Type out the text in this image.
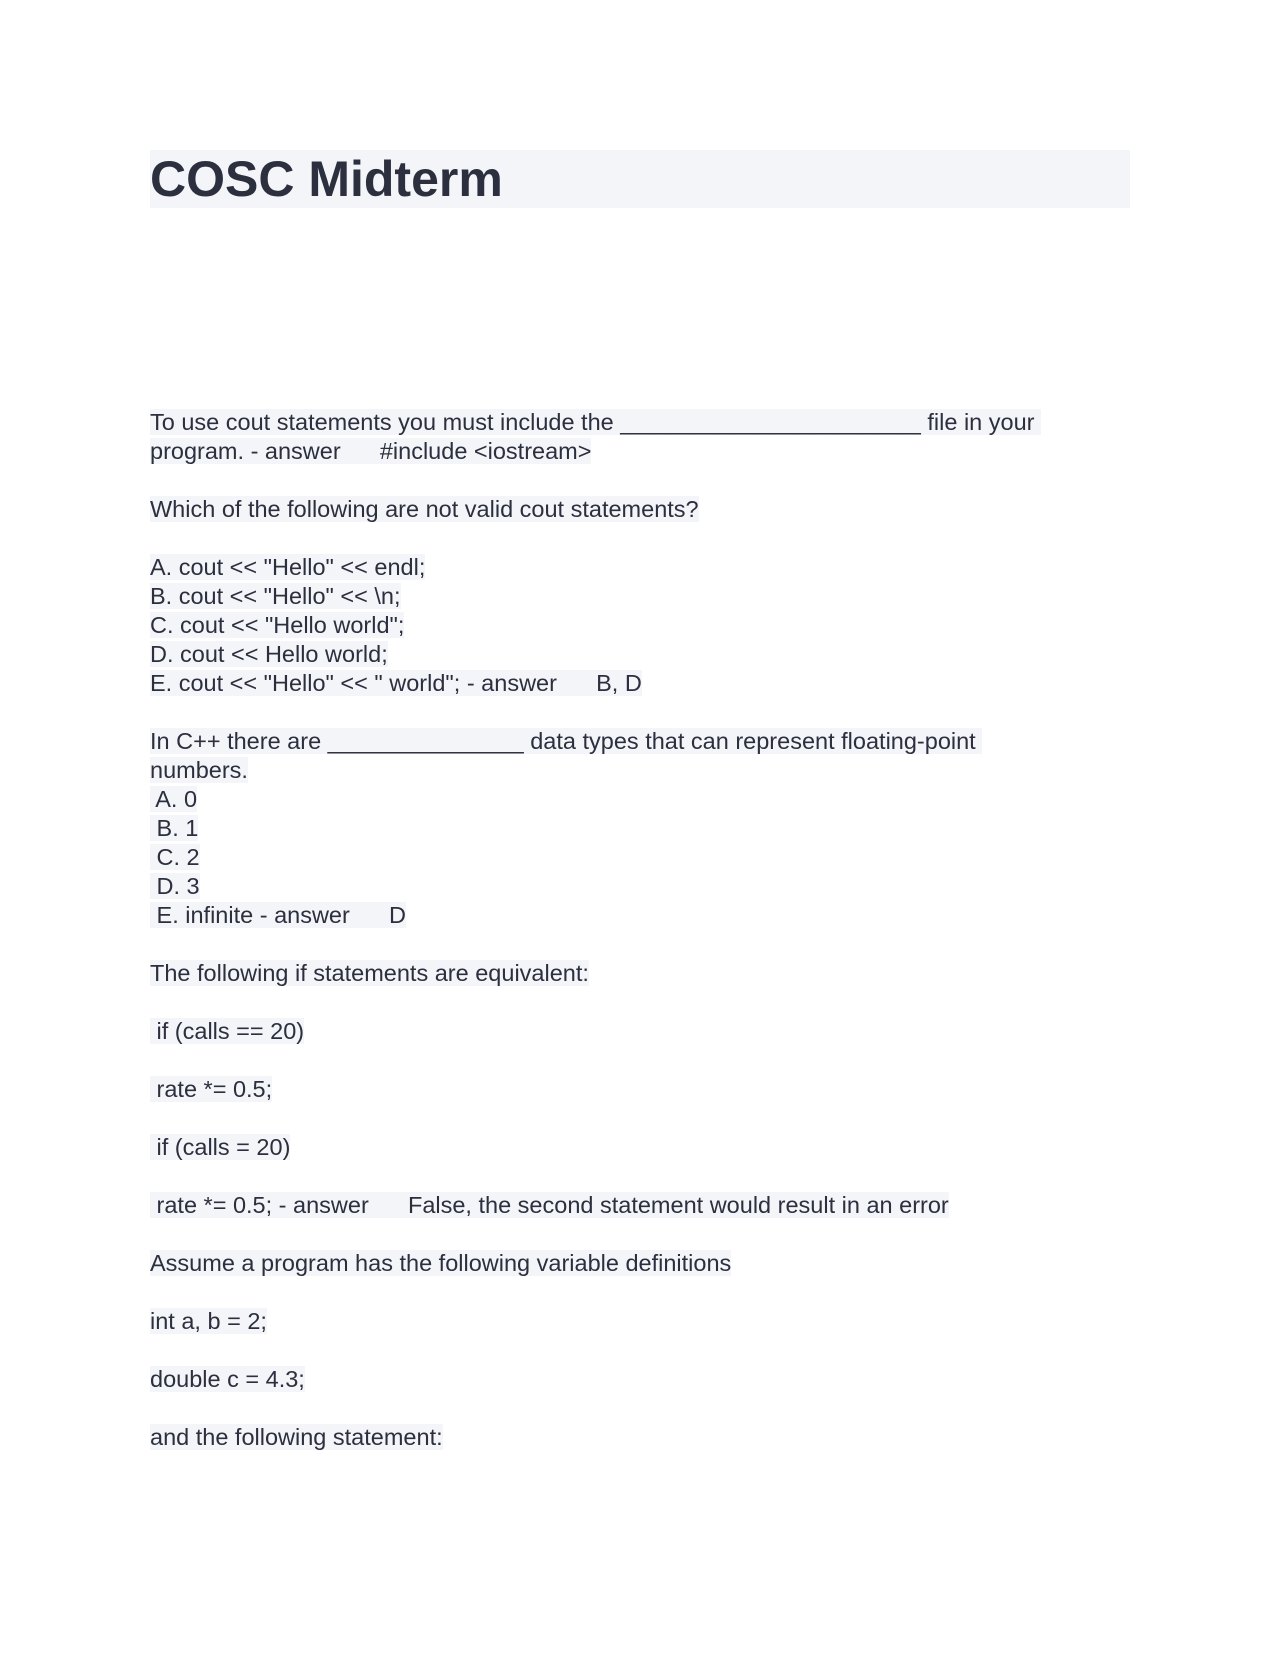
COSC Midterm
To use cout statements you must include the _______________________ file in your
program. - answer      #include <iostream>
Which of the following are not valid cout statements?
A. cout << "Hello" << endl;
B. cout << "Hello" << \n;
C. cout << "Hello world";
D. cout << Hello world;
E. cout << "Hello" << " world"; - answer      B, D
In C++ there are _______________ data types that can represent floating-point
numbers.
A. 0
B. 1
C. 2
D. 3
E. infinite - answer      D
The following if statements are equivalent:
if (calls == 20)
rate *= 0.5;
if (calls = 20)
rate *= 0.5; - answer      False, the second statement would result in an error
Assume a program has the following variable definitions
int a, b = 2;
double c = 4.3;
and the following statement:
